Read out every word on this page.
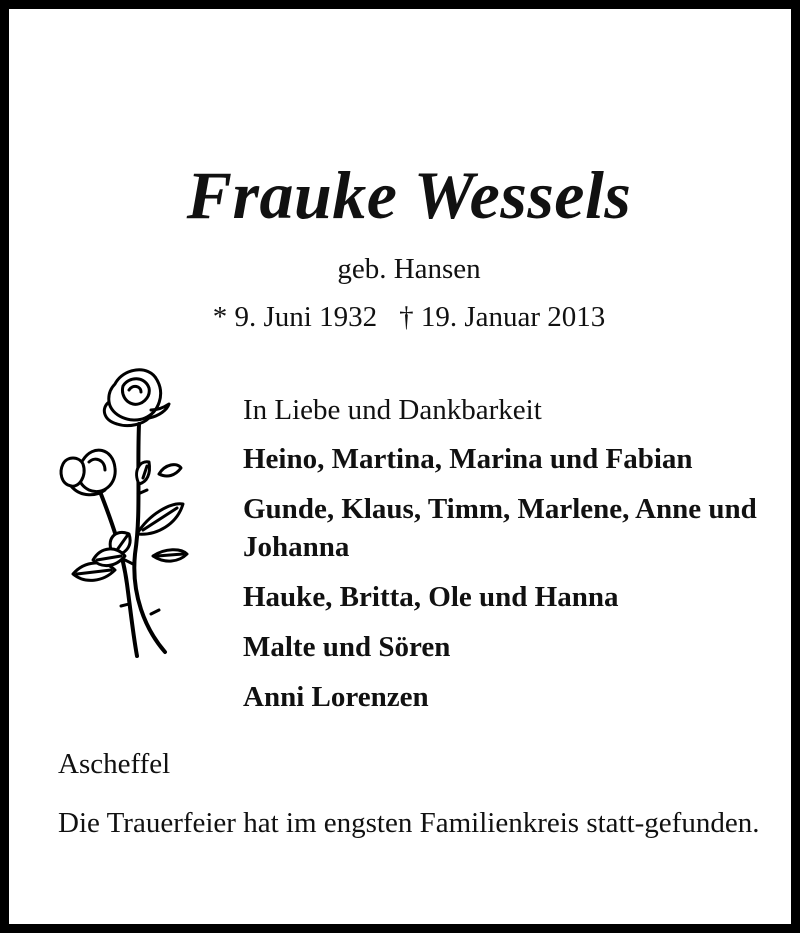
Frauke Wessels
geb. Hansen
* 9. Juni 1932 † 19. Januar 2013
In Liebe und Dankbarkeit
Heino, Martina, Marina und Fabian
Gunde, Klaus, Timm, Marlene, Anne und Johanna
Hauke, Britta, Ole und Hanna
Malte und Sören
Anni Lorenzen
Ascheffel
Die Trauerfeier hat im engsten Familienkreis statt-gefunden.
